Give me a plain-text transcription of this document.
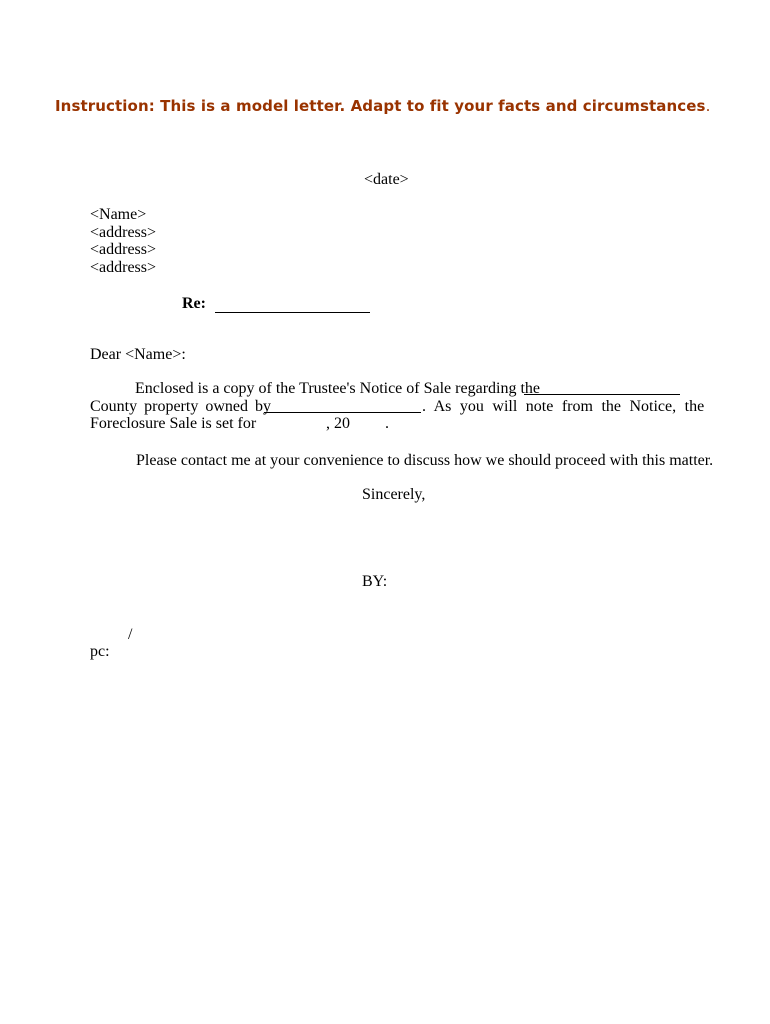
Instruction: This is a model letter. Adapt to fit your facts and circumstances.
<date>
<Name>
<address>
<address>
<address>
Re:
Dear <Name>:
Enclosed is a copy of the Trustee's Notice of Sale regarding the
County property owned by	. As you will note from the Notice, the
Foreclosure Sale is set for	, 20 .
Please contact me at your convenience to discuss how we should proceed with this matter.
Sincerely,
BY:
/
pc:
